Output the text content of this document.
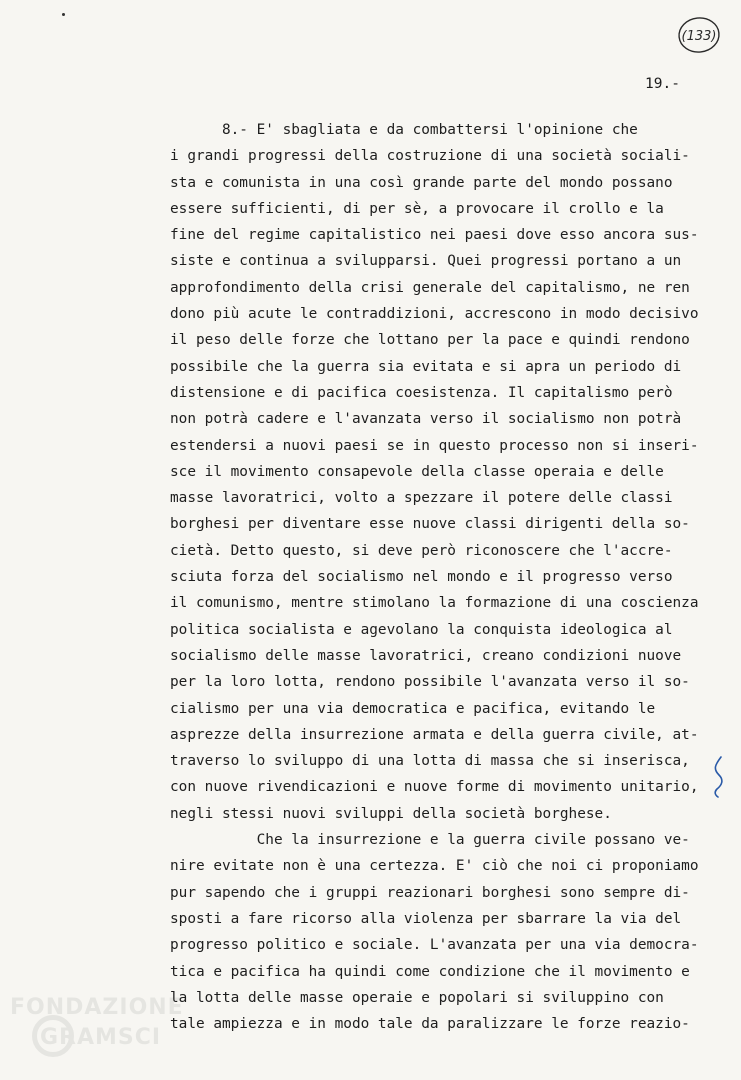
(133)
19.-
8.- E' sbagliata e da combattersi l'opinione che
i grandi progressi della costruzione di una società sociali-
sta e comunista in una così grande parte del mondo possano
essere sufficienti, di per sè, a provocare il crollo e la
fine del regime capitalistico nei paesi dove esso ancora sus-
siste e continua a svilupparsi. Quei progressi portano a un
approfondimento della crisi generale del capitalismo, ne ren
dono più acute le contraddizioni, accrescono in modo decisivo
il peso delle forze che lottano per la pace e quindi rendono
possibile che la guerra sia evitata e si apra un periodo di
distensione e di pacifica coesistenza. Il capitalismo però
non potrà cadere e l'avanzata verso il socialismo non potrà
estendersi a nuovi paesi se in questo processo non si inseri-
sce il movimento consapevole della classe operaia e delle
masse lavoratrici, volto a spezzare il potere delle classi
borghesi per diventare esse nuove classi dirigenti della so-
cietà. Detto questo, si deve però riconoscere che l'accre-
sciuta forza del socialismo nel mondo e il progresso verso
il comunismo, mentre stimolano la formazione di una coscienza
politica socialista e agevolano la conquista ideologica al
socialismo delle masse lavoratrici, creano condizioni nuove
per la loro lotta, rendono possibile l'avanzata verso il so-
cialismo per una via democratica e pacifica, evitando le
asprezze della insurrezione armata e della guerra civile, at-
traverso lo sviluppo di una lotta di massa che si inserisca,
con nuove rivendicazioni e nuove forme di movimento unitario,
negli stessi nuovi sviluppi della società borghese.
Che la insurrezione e la guerra civile possano ve-
nire evitate non è una certezza. E' ciò che noi ci proponiamo
pur sapendo che i gruppi reazionari borghesi sono sempre di-
sposti a fare ricorso alla violenza per sbarrare la via del
progresso politico e sociale. L'avanzata per una via democra-
tica e pacifica ha quindi come condizione che il movimento e
la lotta delle masse operaie e popolari si sviluppino con
tale ampiezza e in modo tale da paralizzare le forze reazio-
FONDAZIONE
GRAMSCI
